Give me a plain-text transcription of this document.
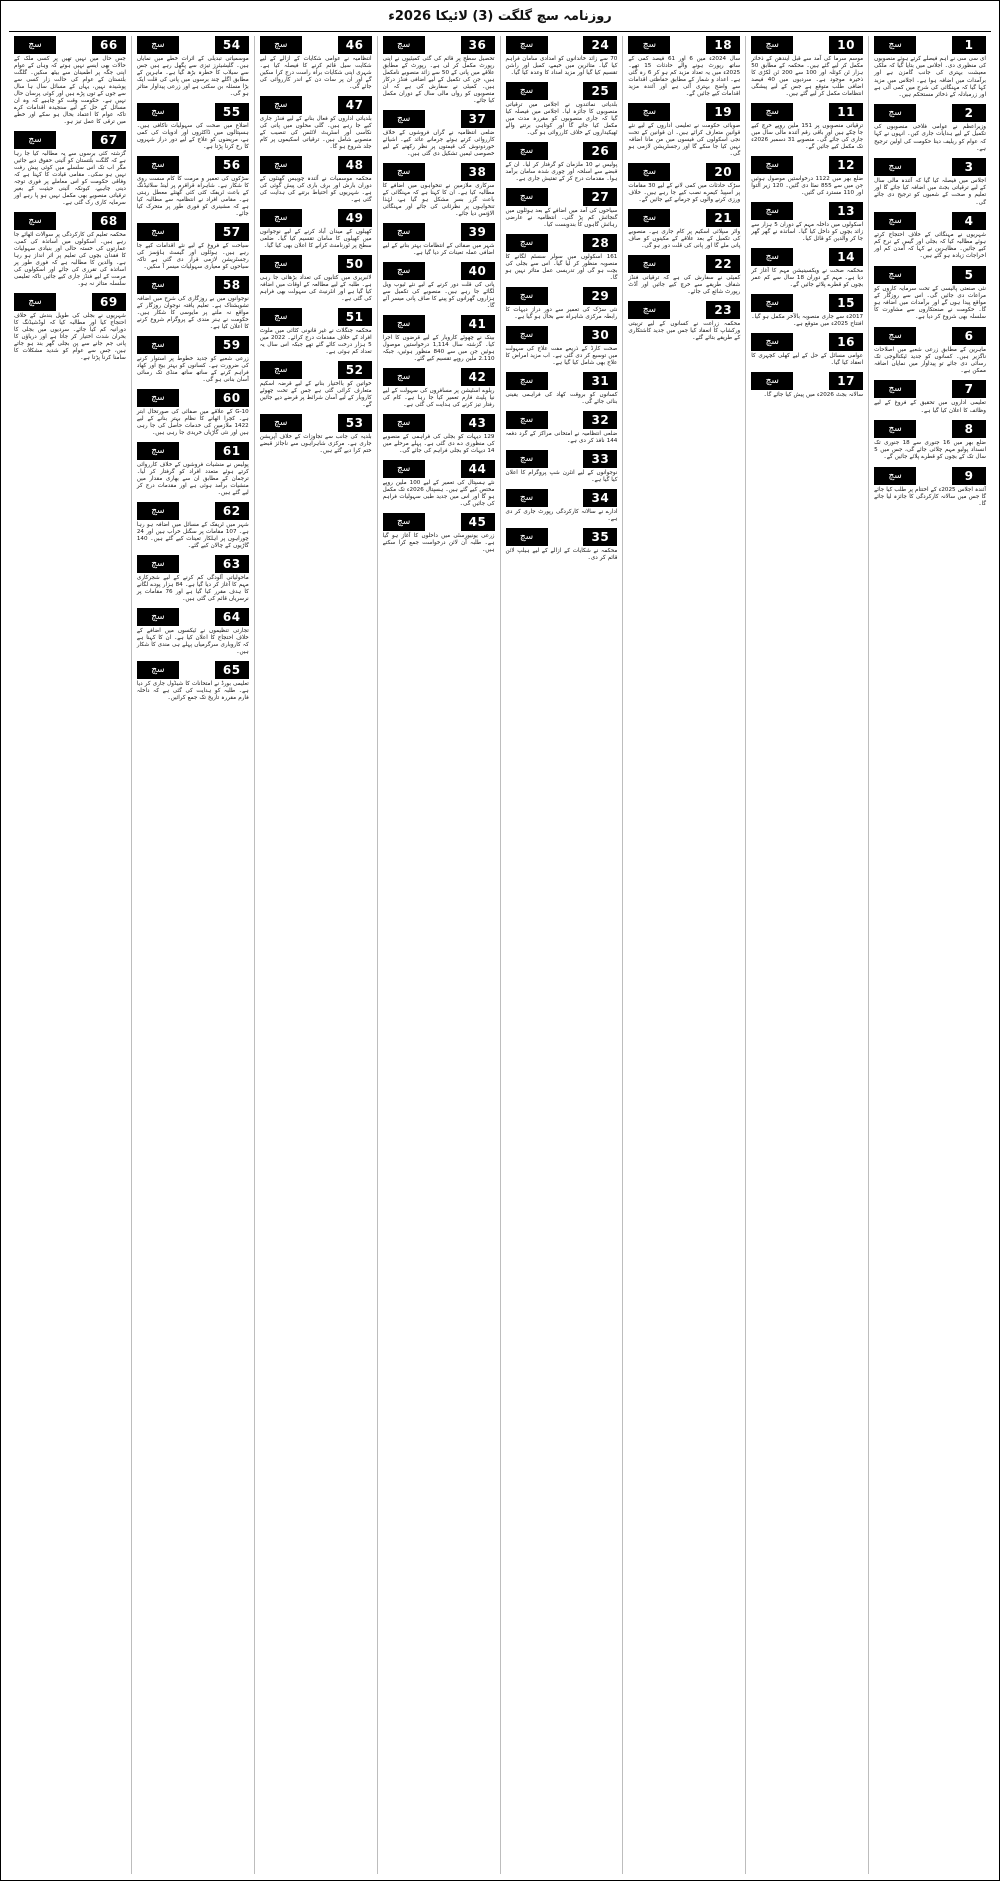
روزنامہ سچ گلگت (3) لائیکا 2026ء
1
سچ
ای سی سی نے اہم فیصلے کرتے ہوئے منصوبوں کی منظوری دی۔ اجلاس میں بتایا گیا کہ ملکی معیشت بہتری کی جانب گامزن ہے اور برآمدات میں اضافہ ہوا ہے۔ اجلاس میں مزید کہا گیا کہ مہنگائی کی شرح میں کمی آئی ہے اور زرمبادلہ کے ذخائر مستحکم ہیں۔
2
سچ
وزیراعظم نے عوامی فلاحی منصوبوں کی تکمیل کے لیے ہدایات جاری کیں۔ انہوں نے کہا کہ عوام کو ریلیف دینا حکومت کی اولین ترجیح ہے۔
3
سچ
اجلاس میں فیصلہ کیا گیا کہ آئندہ مالی سال کے لیے ترقیاتی بجٹ میں اضافہ کیا جائے گا اور تعلیم و صحت کے شعبوں کو ترجیح دی جائے گی۔
4
سچ
شہریوں نے مہنگائی کے خلاف احتجاج کرتے ہوئے مطالبہ کیا کہ بجلی اور گیس کے نرخ کم کیے جائیں۔ مظاہرین نے کہا کہ آمدن کم اور اخراجات زیادہ ہو گئے ہیں۔
5
سچ
نئی صنعتی پالیسی کے تحت سرمایہ کاروں کو مراعات دی جائیں گی۔ اس سے روزگار کے مواقع پیدا ہوں گے اور برآمدات میں اضافہ ہو گا۔ حکومت نے صنعتکاروں سے مشاورت کا سلسلہ بھی شروع کر دیا ہے۔
6
سچ
ماہرین کے مطابق زرعی شعبے میں اصلاحات ناگزیر ہیں۔ کسانوں کو جدید ٹیکنالوجی تک رسائی دی جائے تو پیداوار میں نمایاں اضافہ ممکن ہے۔
7
سچ
تعلیمی اداروں میں تحقیق کے فروغ کے لیے وظائف کا اعلان کیا گیا ہے۔
8
سچ
ضلع بھر میں 16 جنوری سے 18 جنوری تک انسداد پولیو مہم چلائی جائے گی، جس میں 5 سال تک کے بچوں کو قطرے پلائے جائیں گے۔
9
سچ
آئندہ اجلاس 2025ء کے اختتام پر طلب کیا جائے گا جس میں سالانہ کارکردگی کا جائزہ لیا جائے گا۔
10
سچ
موسم سرما کی آمد سے قبل ایندھن کے ذخائر مکمل کر لیے گئے ہیں۔ محکمہ کے مطابق 50 ہزار ٹن کوئلہ اور 100 سے 200 ٹن لکڑی کا ذخیرہ موجود ہے۔ سردیوں میں 40 فیصد اضافی طلب متوقع ہے جس کے لیے پیشگی انتظامات مکمل کر لیے گئے ہیں۔
11
سچ
ترقیاتی منصوبوں پر 151 ملین روپے خرچ کیے جا چکے ہیں اور باقی رقم آئندہ مالی سال میں جاری کی جائے گی۔ منصوبے 31 دسمبر 2026ء تک مکمل کیے جائیں گے۔
12
سچ
ضلع بھر میں 1122 درخواستیں موصول ہوئیں جن میں سے 855 نمٹا دی گئیں۔ 120 زیر التوا اور 110 مسترد کی گئیں۔
13
سچ
اسکولوں میں داخلہ مہم کے دوران 5 ہزار سے زائد بچوں کو داخل کیا گیا۔ اساتذہ نے گھر گھر جا کر والدین کو قائل کیا۔
14
سچ
محکمہ صحت نے ویکسینیشن مہم کا آغاز کر دیا ہے۔ مہم کے دوران 18 سال سے کم عمر بچوں کو قطرے پلائے جائیں گے۔
15
سچ
2017ء سے جاری منصوبہ بالآخر مکمل ہو گیا۔ افتتاح 2025ء میں متوقع ہے۔
16
سچ
عوامی مسائل کے حل کے لیے کھلی کچہری کا انعقاد کیا گیا۔
17
سچ
سالانہ بجٹ 2026ء میں پیش کیا جائے گا۔
18
سچ
سال 2024ء میں 6 اور 61 فیصد کمی کے ساتھ رپورٹ ہونے والے حادثات 15 تھے۔ 2025ء میں یہ تعداد مزید کم ہو کر 6 رہ گئی ہے۔ اعداد و شمار کے مطابق حفاظتی اقدامات سے واضح بہتری آئی ہے اور آئندہ مزید اقدامات کیے جائیں گے۔
19
سچ
صوبائی حکومت نے تعلیمی اداروں کے لیے نئے قوانین متعارف کرائے ہیں۔ ان قوانین کے تحت نجی اسکولوں کی فیسوں میں من مانا اضافہ نہیں کیا جا سکے گا اور رجسٹریشن لازمی ہو گی۔
20
سچ
سڑک حادثات میں کمی لانے کے لیے 30 مقامات پر اسپیڈ کیمرے نصب کیے جا رہے ہیں۔ خلاف ورزی کرنے والوں کو جرمانے کیے جائیں گے۔
21
سچ
واٹر سپلائی اسکیم پر کام جاری ہے۔ منصوبے کی تکمیل کے بعد علاقے کے مکینوں کو صاف پانی ملے گا اور پانی کی قلت دور ہو گی۔
22
سچ
کمیٹی نے سفارش کی ہے کہ ترقیاتی فنڈز شفاف طریقے سے خرچ کیے جائیں اور آڈٹ رپورٹ شائع کی جائے۔
23
سچ
محکمہ زراعت نے کسانوں کے لیے تربیتی ورکشاپ کا انعقاد کیا جس میں جدید کاشتکاری کے طریقے بتائے گئے۔
24
سچ
70 سے زائد خاندانوں کو امدادی سامان فراہم کیا گیا۔ متاثرین میں خیمے، کمبل اور راشن تقسیم کیا گیا اور مزید امداد کا وعدہ کیا گیا۔
25
سچ
بلدیاتی نمائندوں نے اجلاس میں ترقیاتی منصوبوں کا جائزہ لیا۔ اجلاس میں فیصلہ کیا گیا کہ جاری منصوبوں کو مقررہ مدت میں مکمل کیا جائے گا اور کوتاہی برتنے والے ٹھیکیداروں کے خلاف کارروائی ہو گی۔
26
سچ
پولیس نے 10 ملزمان کو گرفتار کر لیا۔ ان کے قبضے سے اسلحہ اور چوری شدہ سامان برآمد ہوا۔ مقدمات درج کر کے تفتیش جاری ہے۔
27
سچ
سیاحوں کی آمد میں اضافے کے بعد ہوٹلوں میں گنجائش کم پڑ گئی۔ انتظامیہ نے عارضی رہائش گاہوں کا بندوبست کیا۔
28
سچ
161 اسکولوں میں سولر سسٹم لگانے کا منصوبہ منظور کر لیا گیا۔ اس سے بجلی کی بچت ہو گی اور تدریسی عمل متاثر نہیں ہو گا۔
29
سچ
نئی سڑک کی تعمیر سے دور دراز دیہات کا رابطہ مرکزی شاہراہ سے بحال ہو گیا ہے۔
30
سچ
صحت کارڈ کے ذریعے مفت علاج کی سہولت میں توسیع کر دی گئی ہے۔ اب مزید امراض کا علاج بھی شامل کیا گیا ہے۔
31
سچ
کسانوں کو بروقت کھاد کی فراہمی یقینی بنائی جائے گی۔
32
سچ
ضلعی انتظامیہ نے امتحانی مراکز کے گرد دفعہ 144 نافذ کر دی ہے۔
33
سچ
نوجوانوں کے لیے انٹرن شپ پروگرام کا اعلان کیا گیا ہے۔
34
سچ
ادارے نے سالانہ کارکردگی رپورٹ جاری کر دی ہے۔
35
سچ
محکمہ نے شکایات کے ازالے کے لیے ہیلپ لائن قائم کر دی۔
36
سچ
تحصیل سطح پر قائم کی گئی کمیٹیوں نے اپنی رپورٹ مکمل کر لی ہے۔ رپورٹ کے مطابق علاقے میں پانی کے 50 سے زائد منصوبے نامکمل ہیں، جن کی تکمیل کے لیے اضافی فنڈز درکار ہیں۔ کمیٹی نے سفارش کی ہے کہ ان منصوبوں کو رواں مالی سال کے دوران مکمل کیا جائے۔
37
سچ
ضلعی انتظامیہ نے گراں فروشوں کے خلاف کارروائی کرتے ہوئے جرمانے عائد کیے۔ اشیائے خوردونوش کی قیمتوں پر نظر رکھنے کے لیے خصوصی ٹیمیں تشکیل دی گئی ہیں۔
38
سچ
سرکاری ملازمین نے تنخواہوں میں اضافے کا مطالبہ کیا ہے۔ ان کا کہنا ہے کہ مہنگائی کے باعث گزر بسر مشکل ہو گیا ہے، لہٰذا تنخواہوں پر نظرثانی کی جائے اور مہنگائی الاؤنس دیا جائے۔
39
سچ
شہر میں صفائی کے انتظامات بہتر بنانے کے لیے اضافی عملہ تعینات کر دیا گیا ہے۔
40
سچ
پانی کی قلت دور کرنے کے لیے نئے ٹیوب ویل لگائے جا رہے ہیں۔ منصوبے کی تکمیل سے ہزاروں گھرانوں کو پینے کا صاف پانی میسر آئے گا۔
41
سچ
بینک نے چھوٹے کاروبار کے لیے قرضوں کا اجرا کیا۔ گزشتہ سال 1,114 درخواستیں موصول ہوئیں جن میں سے 840 منظور ہوئیں، جبکہ 2.110 ملین روپے تقسیم کیے گئے۔
42
سچ
ریلوے اسٹیشن پر مسافروں کی سہولت کے لیے نیا پلیٹ فارم تعمیر کیا جا رہا ہے۔ کام کی رفتار تیز کرنے کی ہدایت کی گئی ہے۔
43
سچ
129 دیہات کو بجلی کی فراہمی کے منصوبے کی منظوری دے دی گئی ہے۔ پہلے مرحلے میں 14 دیہات کو بجلی فراہم کی جائے گی۔
44
سچ
نئے ہسپتال کی تعمیر کے لیے 100 ملین روپے مختص کیے گئے ہیں۔ ہسپتال 2026ء تک مکمل ہو گا اور اس میں جدید طبی سہولیات فراہم کی جائیں گی۔
45
سچ
زرعی یونیورسٹی میں داخلوں کا آغاز ہو گیا ہے۔ طلبہ آن لائن درخواست جمع کرا سکتے ہیں۔
46
سچ
انتظامیہ نے عوامی شکایات کے ازالے کے لیے شکایت سیل قائم کرنے کا فیصلہ کیا ہے۔ شہری اپنی شکایات براہ راست درج کرا سکیں گے اور ان پر سات دن کے اندر کارروائی کی جائے گی۔
47
سچ
بلدیاتی اداروں کو فعال بنانے کے لیے فنڈز جاری کیے جا رہے ہیں۔ گلی محلوں میں پانی کی نکاسی اور اسٹریٹ لائٹس کی تنصیب کے منصوبے شامل ہیں۔ ترقیاتی اسکیموں پر کام جلد شروع ہو گا۔
48
سچ
محکمہ موسمیات نے آئندہ چوبیس گھنٹوں کے دوران بارش اور برف باری کی پیش گوئی کی ہے۔ شہریوں کو احتیاط برتنے کی ہدایت کی گئی ہے۔
49
سچ
کھیلوں کے میدان آباد کرنے کے لیے نوجوانوں میں کھیلوں کا سامان تقسیم کیا گیا۔ ضلعی سطح پر ٹورنامنٹ کرانے کا اعلان بھی کیا گیا۔
50
سچ
لائبریری میں کتابوں کی تعداد بڑھائی جا رہی ہے۔ طلبہ کے لیے مطالعہ کے اوقات میں اضافہ کیا گیا ہے اور انٹرنیٹ کی سہولت بھی فراہم کی گئی ہے۔
51
سچ
محکمہ جنگلات نے غیر قانونی کٹائی میں ملوث افراد کے خلاف مقدمات درج کرائے۔ 2022 میں 5 ہزار درخت کاٹے گئے تھے جبکہ اس سال یہ تعداد کم ہوئی ہے۔
52
سچ
خواتین کو بااختیار بنانے کے لیے قرضہ اسکیم متعارف کرائی گئی ہے جس کے تحت چھوٹے کاروبار کے لیے آسان شرائط پر قرضے دیے جائیں گے۔
53
سچ
بلدیہ کی جانب سے تجاوزات کے خلاف آپریشن جاری ہے۔ مرکزی شاہراہوں سے ناجائز قبضے ختم کرا دیے گئے ہیں۔
54
سچ
موسمیاتی تبدیلی کے اثرات خطے میں نمایاں ہیں۔ گلیشیئرز تیزی سے پگھل رہے ہیں جس سے سیلاب کا خطرہ بڑھ گیا ہے۔ ماہرین کے مطابق اگلے چند برسوں میں پانی کی قلت ایک بڑا مسئلہ بن سکتی ہے اور زرعی پیداوار متاثر ہو گی۔
55
سچ
اضلاع میں صحت کی سہولیات ناکافی ہیں۔ ہسپتالوں میں ڈاکٹروں اور ادویات کی کمی ہے، مریضوں کو علاج کے لیے دور دراز شہروں کا رخ کرنا پڑتا ہے۔
56
سچ
سڑکوں کی تعمیر و مرمت کا کام سست روی کا شکار ہے۔ شاہراہ قراقرم پر لینڈ سلائیڈنگ کے باعث ٹریفک کئی کئی گھنٹے معطل رہتی ہے۔ مقامی افراد نے انتظامیہ سے مطالبہ کیا ہے کہ مشینری کو فوری طور پر متحرک کیا جائے۔
57
سچ
سیاحت کے فروغ کے لیے نئے اقدامات کیے جا رہے ہیں۔ ہوٹلوں اور گیسٹ ہاؤسز کی رجسٹریشن لازمی قرار دی گئی ہے تاکہ سیاحوں کو معیاری سہولیات میسر آ سکیں۔
58
سچ
نوجوانوں میں بے روزگاری کی شرح میں اضافہ تشویشناک ہے۔ تعلیم یافتہ نوجوان روزگار کے مواقع نہ ملنے پر مایوسی کا شکار ہیں۔ حکومت نے ہنر مندی کے پروگرام شروع کرنے کا اعلان کیا ہے۔
59
سچ
زرعی شعبے کو جدید خطوط پر استوار کرنے کی ضرورت ہے۔ کسانوں کو بہتر بیج اور کھاد فراہم کرنے کے ساتھ ساتھ منڈی تک رسائی آسان بنانی ہو گی۔
60
سچ
G-10 کے علاقے میں صفائی کی صورتحال ابتر ہے۔ کچرا اٹھانے کا نظام بہتر بنانے کے لیے 1422 ملازمین کی خدمات حاصل کی جا رہی ہیں اور نئی گاڑیاں خریدی جا رہی ہیں۔
61
سچ
پولیس نے منشیات فروشوں کے خلاف کارروائی کرتے ہوئے متعدد افراد کو گرفتار کر لیا۔ ترجمان کے مطابق ان سے بھاری مقدار میں منشیات برآمد ہوئی ہے اور مقدمات درج کر لیے گئے ہیں۔
62
سچ
شہر میں ٹریفک کے مسائل میں اضافہ ہو رہا ہے۔ 107 مقامات پر سگنل خراب ہیں اور 24 چوراہوں پر اہلکار تعینات کیے گئے ہیں۔ 140 گاڑیوں کے چالان کیے گئے۔
63
سچ
ماحولیاتی آلودگی کم کرنے کے لیے شجرکاری مہم کا آغاز کر دیا گیا ہے۔ 84 ہزار پودے لگانے کا ہدف مقرر کیا گیا ہے اور 76 مقامات پر نرسریاں قائم کی گئی ہیں۔
64
سچ
تجارتی تنظیموں نے ٹیکسوں میں اضافے کے خلاف احتجاج کا اعلان کیا ہے۔ ان کا کہنا ہے کہ کاروباری سرگرمیاں پہلے ہی مندی کا شکار ہیں۔
65
سچ
تعلیمی بورڈ نے امتحانات کا شیڈول جاری کر دیا ہے۔ طلبہ کو ہدایت کی گئی ہے کہ داخلہ فارم مقررہ تاریخ تک جمع کرائیں۔
66
سچ
جس حال میں نہیں تھیں پر کسی ملک کے حالات بھی ایسے نہیں ہوتے کہ وہاں کے عوام اپنی جگہ پر اطمینان سے بیٹھ سکیں۔ گلگت بلتستان کے عوام کی حالت زار کسی سے پوشیدہ نہیں، یہاں کے مسائل سال ہا سال سے جوں کے توں پڑے ہیں اور کوئی پرسان حال نہیں ہے۔ حکومت وقت کو چاہیے کہ وہ ان مسائل کے حل کے لیے سنجیدہ اقدامات کرے تاکہ عوام کا اعتماد بحال ہو سکے اور خطے میں ترقی کا عمل تیز ہو۔
67
سچ
گزشتہ کئی برسوں سے یہ مطالبہ کیا جا رہا ہے کہ گلگت بلتستان کو آئینی حقوق دیے جائیں مگر اب تک اس سلسلے میں کوئی پیش رفت نہیں ہو سکی۔ مقامی قیادت کا کہنا ہے کہ وفاقی حکومت کو اس معاملے پر فوری توجہ دینی چاہیے، کیونکہ آئینی حیثیت کے بغیر ترقیاتی منصوبے بھی مکمل نہیں ہو پا رہے اور سرمایہ کاری رک گئی ہے۔
68
سچ
محکمہ تعلیم کی کارکردگی پر سوالات اٹھائے جا رہے ہیں۔ اسکولوں میں اساتذہ کی کمی، عمارتوں کی خستہ حالی اور بنیادی سہولیات کا فقدان بچوں کی تعلیم پر اثر انداز ہو رہا ہے۔ والدین کا مطالبہ ہے کہ فوری طور پر اساتذہ کی تقرری کی جائے اور اسکولوں کی مرمت کے لیے فنڈز جاری کیے جائیں تاکہ تعلیمی سلسلہ متاثر نہ ہو۔
69
سچ
شہریوں نے بجلی کی طویل بندش کے خلاف احتجاج کیا اور مطالبہ کیا کہ لوڈشیڈنگ کا دورانیہ کم کیا جائے۔ سردیوں میں بجلی کا بحران شدت اختیار کر جاتا ہے اور دریاؤں کا پانی جم جانے سے پن بجلی گھر بند ہو جاتے ہیں، جس سے عوام کو شدید مشکلات کا سامنا کرنا پڑتا ہے۔
